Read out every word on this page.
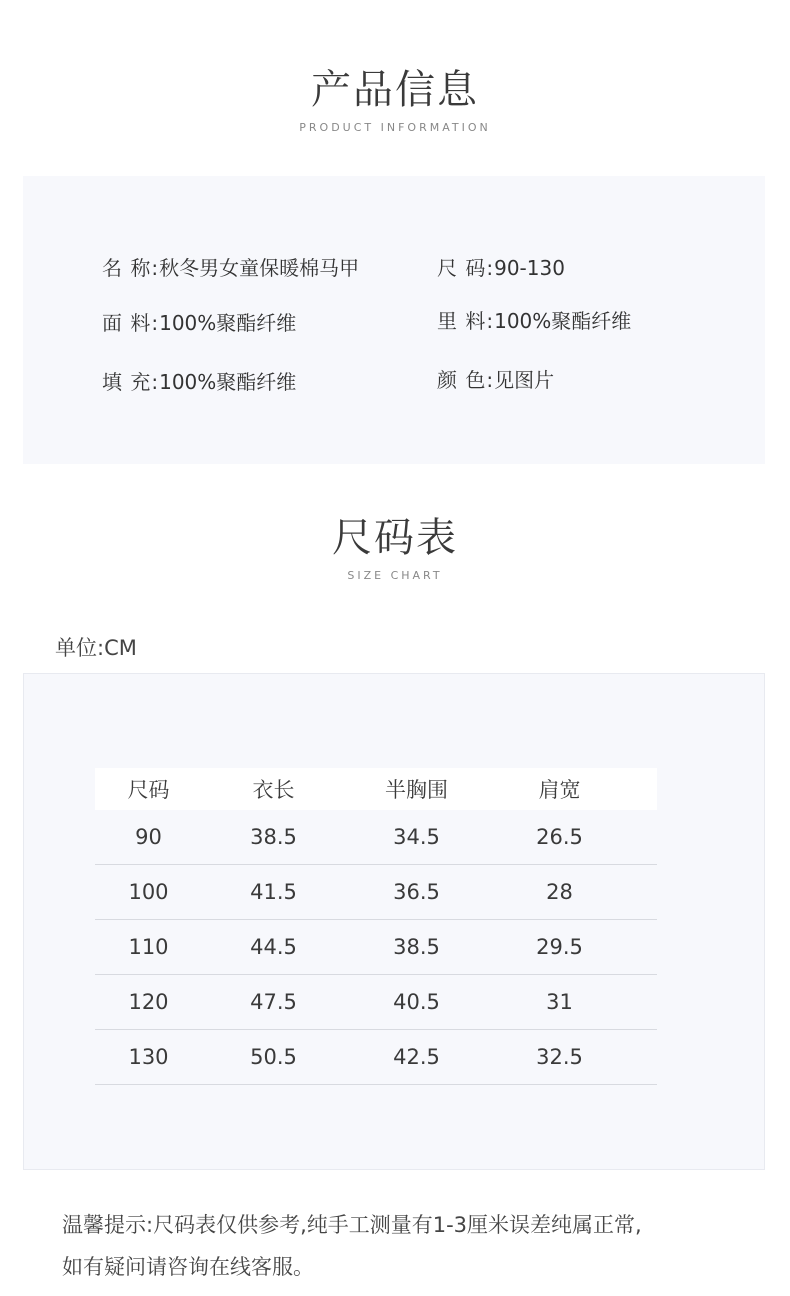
产品信息
PRODUCT INFORMATION
名 称:秋冬男女童保暖棉马甲	尺 码:90-130
面 料:100%聚酯纤维	里 料:100%聚酯纤维
填 充:100%聚酯纤维	颜 色:见图片
尺码表
SIZE CHART
单位:CM
尺码	衣长	半胸围	肩宽
90	38.5	34.5	26.5
100	41.5	36.5	28
110	44.5	38.5	29.5
120	47.5	40.5	31
130	50.5	42.5	32.5
温馨提示:尺码表仅供参考,纯手工测量有1-3厘米误差纯属正常,
如有疑问请咨询在线客服。
